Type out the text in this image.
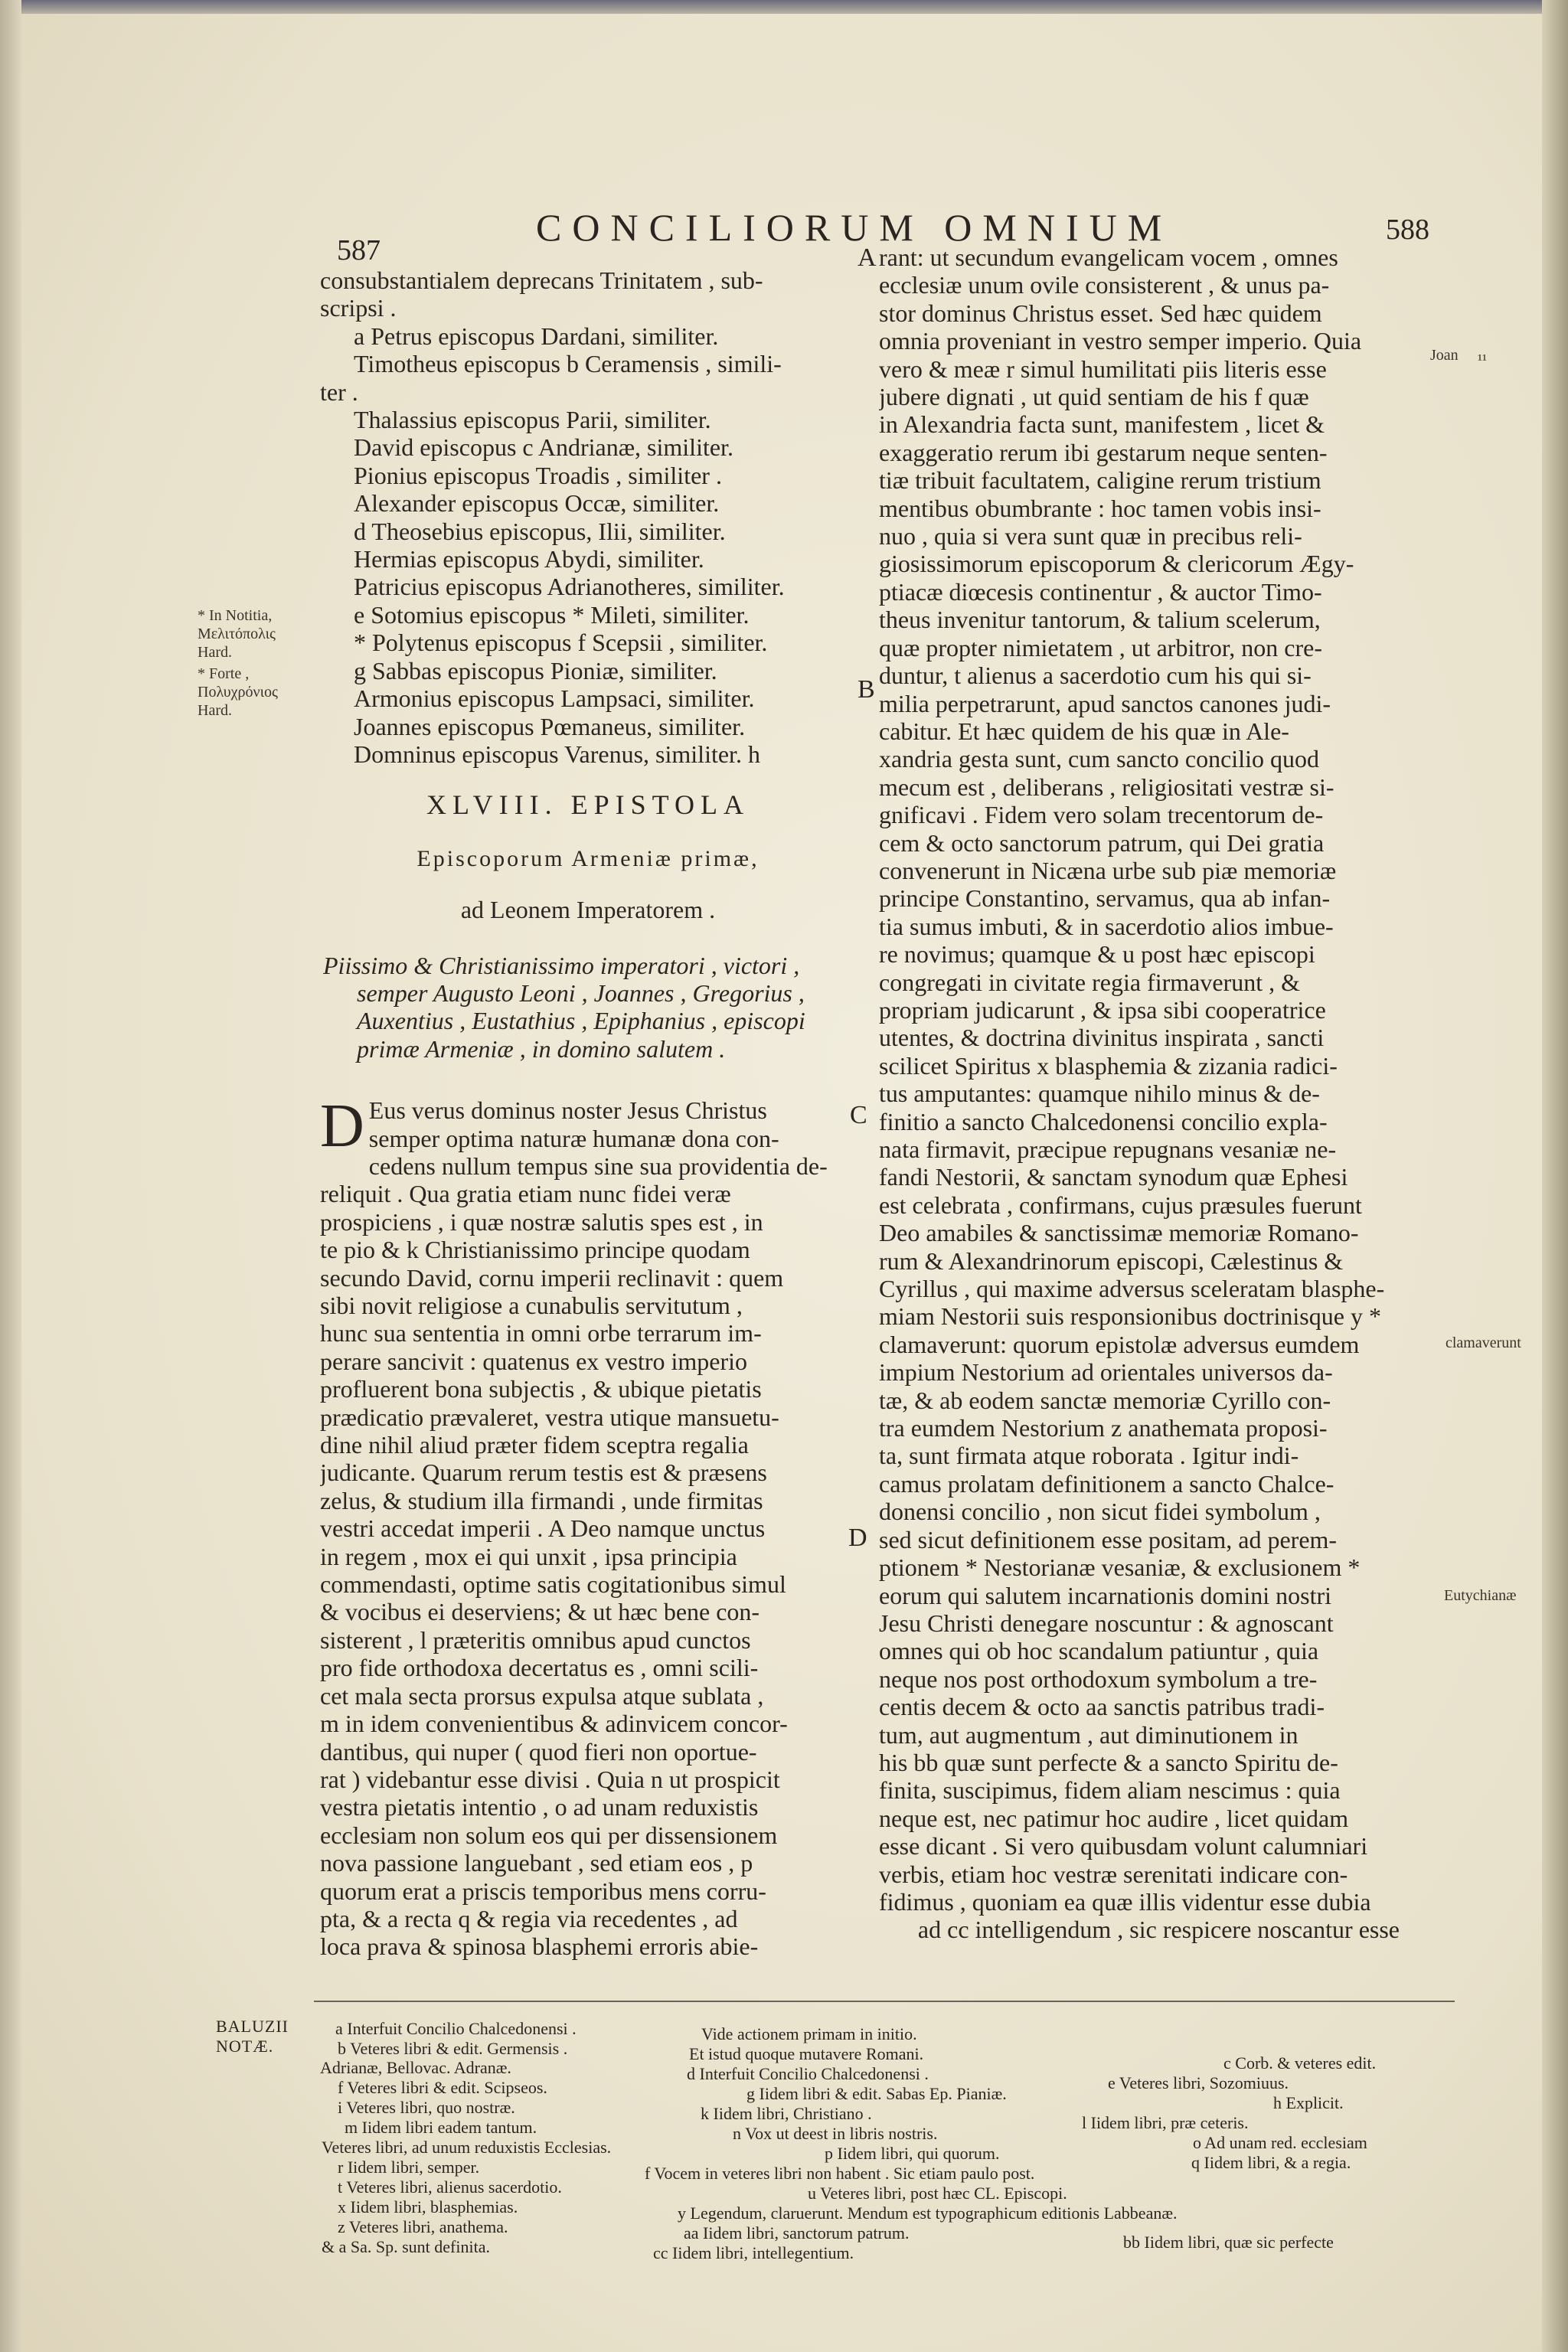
587
CONCILIORUM OMNIUM	588
consubstantialem deprecans Trinitatem , sub-
scripsi .
a Petrus episcopus Dardani, similiter.
Timotheus episcopus b Ceramensis , simili-
ter .
Thalassius episcopus Parii, similiter.
David episcopus c Andrianæ, similiter.
Pionius episcopus Troadis , similiter .
Alexander episcopus Occæ, similiter.
d Theosebius episcopus, Ilii, similiter.
Hermias episcopus Abydi, similiter.
Patricius episcopus Adrianotheres, similiter.
e Sotomius episcopus * Mileti, similiter.
* Polytenus episcopus f Scepsii , similiter.
g Sabbas episcopus Pioniæ, similiter.
Armonius episcopus Lampsaci, similiter.
Joannes episcopus Pœmaneus, similiter.
Domninus episcopus Varenus, similiter. h
XLVIII. EPISTOLA
Episcoporum Armeniæ primæ,
ad Leonem Imperatorem .
Piissimo & Christianissimo imperatori , victori ,
semper Augusto Leoni , Joannes , Gregorius ,
Auxentius , Eustathius , Epiphanius , episcopi
primæ Armeniæ , in domino salutem .
D Eus verus dominus noster Jesus Christus
semper optima naturæ humanæ dona con-
cedens nullum tempus sine sua providentia de-
reliquit . Qua gratia etiam nunc fidei veræ
prospiciens , i quæ nostræ salutis spes est , in
te pio & k Christianissimo principe quodam
secundo David, cornu imperii reclinavit : quem
sibi novit religiose a cunabulis servitutum ,
hunc sua sententia in omni orbe terrarum im-
perare sancivit : quatenus ex vestro imperio
profluerent bona subjectis , & ubique pietatis
prædicatio prævaleret, vestra utique mansuetu-
dine nihil aliud præter fidem sceptra regalia
judicante. Quarum rerum testis est & præsens
zelus, & studium illa firmandi , unde firmitas
vestri accedat imperii . A Deo namque unctus
in regem , mox ei qui unxit , ipsa principia
commendasti, optime satis cogitationibus simul
& vocibus ei deserviens; & ut hæc bene con-
sisterent , l præteritis omnibus apud cunctos
pro fide orthodoxa decertatus es , omni scili-
cet mala secta prorsus expulsa atque sublata ,
m in idem convenientibus & adinvicem concor-
dantibus, qui nuper ( quod fieri non oportue-
rat ) videbantur esse divisi . Quia n ut prospicit
vestra pietatis intentio , o ad unam reduxistis
ecclesiam non solum eos qui per dissensionem
nova passione languebant , sed etiam eos , p
quorum erat a priscis temporibus mens corru-
pta, & a recta q & regia via recedentes , ad
loca prava & spinosa blasphemi erroris abie-
A
B
C
D
rant: ut secundum evangelicam vocem , omnes
ecclesiæ unum ovile consisterent , & unus pa-
stor dominus Christus esset. Sed hæc quidem
omnia proveniant in vestro semper imperio. Quia
vero & meæ r simul humilitati piis literis esse
jubere dignati , ut quid sentiam de his f quæ
in Alexandria facta sunt, manifestem , licet &
exaggeratio rerum ibi gestarum neque senten-
tiæ tribuit facultatem, caligine rerum tristium
mentibus obumbrante : hoc tamen vobis insi-
nuo , quia si vera sunt quæ in precibus reli-
giosissimorum episcoporum & clericorum Ægy-
ptiacæ diœcesis continentur , & auctor Timo-
theus invenitur tantorum, & talium scelerum,
quæ propter nimietatem , ut arbitror, non cre-
duntur, t alienus a sacerdotio cum his qui si-
milia perpetrarunt, apud sanctos canones judi-
cabitur. Et hæc quidem de his quæ in Ale-
xandria gesta sunt, cum sancto concilio quod
mecum est , deliberans , religiositati vestræ si-
gnificavi . Fidem vero solam trecentorum de-
cem & octo sanctorum patrum, qui Dei gratia
convenerunt in Nicæna urbe sub piæ memoriæ
principe Constantino, servamus, qua ab infan-
tia sumus imbuti, & in sacerdotio alios imbue-
re novimus; quamque & u post hæc episcopi
congregati in civitate regia firmaverunt , &
propriam judicarunt , & ipsa sibi cooperatrice
utentes, & doctrina divinitus inspirata , sancti
scilicet Spiritus x blasphemia & zizania radici-
tus amputantes: quamque nihilo minus & de-
finitio a sancto Chalcedonensi concilio expla-
nata firmavit, præcipue repugnans vesaniæ ne-
fandi Nestorii, & sanctam synodum quæ Ephesi
est celebrata , confirmans, cujus præsules fuerunt
Deo amabiles & sanctissimæ memoriæ Romano-
rum & Alexandrinorum episcopi, Cælestinus &
Cyrillus , qui maxime adversus sceleratam blasphe-
miam Nestorii suis responsionibus doctrinisque y *
clamaverunt: quorum epistolæ adversus eumdem
impium Nestorium ad orientales universos da-
tæ, & ab eodem sanctæ memoriæ Cyrillo con-
tra eumdem Nestorium z anathemata proposi-
ta, sunt firmata atque roborata . Igitur indi-
camus prolatam definitionem a sancto Chalce-
donensi concilio , non sicut fidei symbolum ,
sed sicut definitionem esse positam, ad perem-
ptionem * Nestorianæ vesaniæ, & exclusionem *
eorum qui salutem incarnationis domini nostri
Jesu Christi denegare noscuntur : & agnoscant
omnes qui ob hoc scandalum patiuntur , quia
neque nos post orthodoxum symbolum a tre-
centis decem & octo aa sanctis patribus tradi-
tum, aut augmentum , aut diminutionem in
his bb quæ sunt perfecte & a sancto Spiritu de-
finita, suscipimus, fidem aliam nescimus : quia
neque est, nec patimur hoc audire , licet quidam
esse dicant . Si vero quibusdam volunt calumniari
verbis, etiam hoc vestræ serenitati indicare con-
fidimus , quoniam ea quæ illis videntur esse dubia
ad cc intelligendum , sic respicere noscantur esse
* In Notitia, Μελιτόπολις Hard.
* Forte , Πολυχρόνιος Hard.
Joan ¹¹
clamaverunt
Eutychianæ
BALUZII
NOTÆ.
a Interfuit Concilio Chalcedonensi .	Vide actionem primam in initio.
b Veteres libri & edit. Germensis .	Et istud quoque mutavere Romani.	c Corb. & veteres edit.
Adrianæ, Bellovac. Adranæ.	d Interfuit Concilio Chalcedonensi .	e Veteres libri, Sozomiuus.
f Veteres libri & edit. Scipseos.	g Iidem libri & edit. Sabas Ep. Pianiæ.	h Explicit.
i Veteres libri, quo nostræ.	k Iidem libri, Christiano .	l Iidem libri, præ ceteris.
m Iidem libri eadem tantum.	n Vox ut deest in libris nostris.	o Ad unam red. ecclesiam
Veteres libri, ad unum reduxistis Ecclesias.	p Iidem libri, qui quorum.	q Iidem libri, & a regia.
r Iidem libri, semper.	f Vocem in veteres libri non habent . Sic etiam paulo post.
t Veteres libri, alienus sacerdotio.	u Veteres libri, post hæc CL. Episcopi.
x Iidem libri, blasphemias.	y Legendum, claruerunt. Mendum est typographicum editionis Labbeanæ.
z Veteres libri, anathema.	aa Iidem libri, sanctorum patrum.	bb Iidem libri, quæ sic perfecte
& a Sa. Sp. sunt definita.	cc Iidem libri, intellegentium.
